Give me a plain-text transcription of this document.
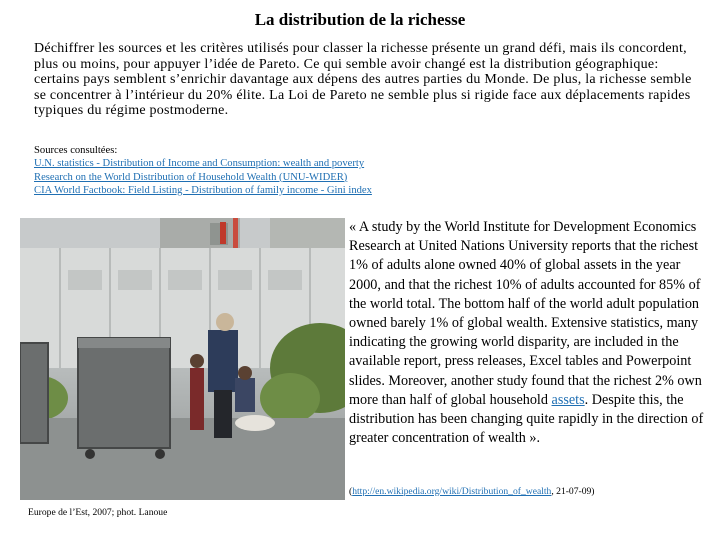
La distribution de la richesse
Déchiffrer les sources et les critères utilisés pour classer la richesse présente un grand défi, mais ils concordent, plus ou moins, pour appuyer l’idée de Pareto. Ce qui semble avoir changé est la distribution géographique: certains pays semblent s’enrichir davantage aux dépens des autres parties du Monde. De plus, la richesse semble se concentrer à l’intérieur du 20% élite. La Loi de Pareto ne semble plus si rigide face aux déplacements rapides typiques du régime postmoderne.
Sources consultées:
U.N. statistics - Distribution of Income and Consumption: wealth and poverty
Research on the World Distribution of Household Wealth (UNU-WIDER)
CIA World Factbook: Field Listing - Distribution of family income - Gini index
« A study by the World Institute for Development Economics Research at United Nations University reports that the richest 1% of adults alone owned 40% of global assets in the year 2000, and that the richest 10% of adults accounted for 85% of the world total. The bottom half of the world adult population owned barely 1% of global wealth. Extensive statistics, many indicating the growing world disparity, are included in the available report, press releases, Excel tables and Powerpoint slides. Moreover, another study found that the richest 2% own more than half of global household assets. Despite this, the distribution has been changing quite rapidly in the direction of greater concentration of wealth ».
(http://en.wikipedia.org/wiki/Distribution_of_wealth, 21-07-09)
Europe de l’Est, 2007; phot. Lanoue
